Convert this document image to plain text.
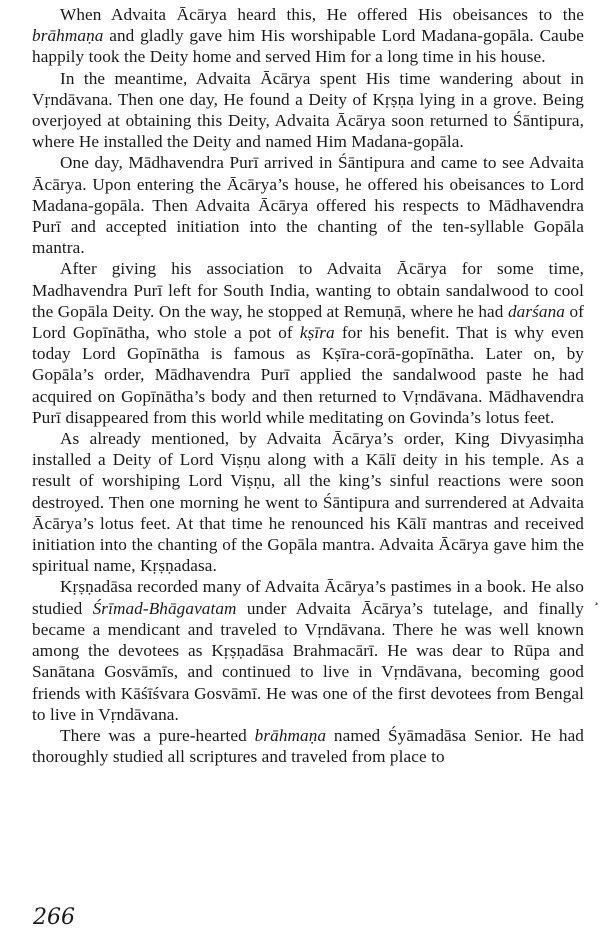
When Advaita Ācārya heard this, He offered His obeisances to the brāhmaṇa and gladly gave him His worshipable Lord Madana-gopāla. Caube happily took the Deity home and served Him for a long time in his house.

In the meantime, Advaita Ācārya spent His time wandering about in Vṛndāvana. Then one day, He found a Deity of Kṛṣṇa lying in a grove. Being overjoyed at obtaining this Deity, Advaita Ācārya soon returned to Śāntipura, where He installed the Deity and named Him Madana-gopāla.

One day, Mādhavendra Purī arrived in Śāntipura and came to see Advaita Ācārya. Upon entering the Ācārya’s house, he offered his obeisances to Lord Madana-gopāla. Then Advaita Ācārya offered his respects to Mādhavendra Purī and accepted initiation into the chanting of the ten-syllable Gopāla mantra.

After giving his association to Advaita Ācārya for some time, Madhavendra Purī left for South India, wanting to obtain sandalwood to cool the Gopāla Deity. On the way, he stopped at Remuṇā, where he had darśana of Lord Gopīnātha, who stole a pot of kṣīra for his benefit. That is why even today Lord Gopīnātha is famous as Kṣīra-corā-gopīnātha. Later on, by Gopāla’s order, Mādhavendra Purī applied the sandalwood paste he had acquired on Gopīnātha’s body and then returned to Vṛndāvana. Mādhavendra Purī disappeared from this world while meditating on Govinda’s lotus feet.

As already mentioned, by Advaita Ācārya’s order, King Divyasiṃha installed a Deity of Lord Viṣṇu along with a Kālī deity in his temple. As a result of worshiping Lord Viṣṇu, all the king’s sinful reactions were soon destroyed. Then one morning he went to Śāntipura and surrendered at Advaita Ācārya’s lotus feet. At that time he renounced his Kālī mantras and received initiation into the chanting of the Gopāla mantra. Advaita Ācārya gave him the spiritual name, Kṛṣṇadasa.

Kṛṣṇadāsa recorded many of Advaita Ācārya’s pastimes in a book. He also studied Śrīmad-Bhāgavatam under Advaita Ācārya’s tutelage, and finally became a mendicant and traveled to Vṛndāvana. There he was well known among the devotees as Kṛṣṇadāsa Brahmacārī. He was dear to Rūpa and Sanātana Gosvāmīs, and continued to live in Vṛndāvana, becoming good friends with Kāśīśvara Gosvāmī. He was one of the first devotees from Bengal to live in Vṛndāvana.

There was a pure-hearted brāhmaṇa named Śyāmadāsa Senior. He had thoroughly studied all scriptures and traveled from place to

¸
266
